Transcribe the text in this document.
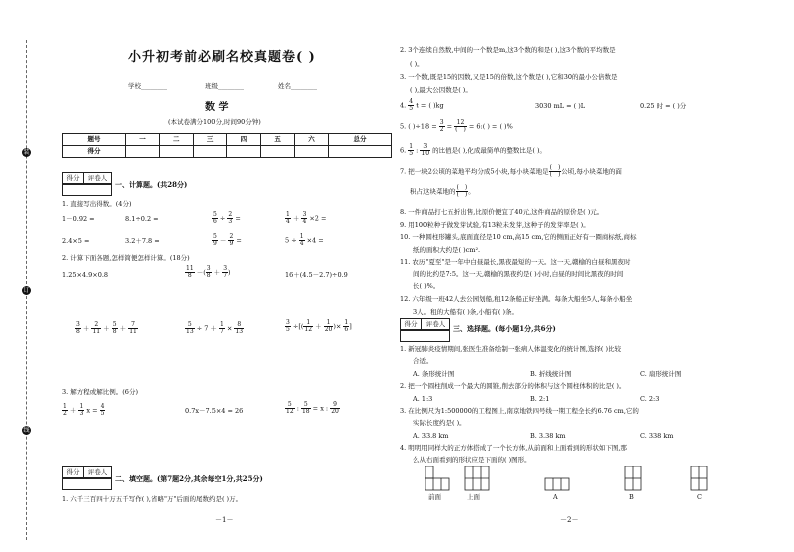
装
订
线
小升初考前必刷名校真题卷( )
学校________	班级________	姓名________
数 学
(本试卷满分100分,时间90分钟)
题号	一	二	三	四	五	六	总分
得分							
得分	评卷人
一、计算题。(共28分)
1. 直接写出得数。(4分)
1－0.92 =	8.1÷0.2 =	$\frac{5}{6} \div \frac{2}{3}$ =	$\frac{1}{4} + \frac{3}{4} \times 2$ =
2.4×5 =	3.2＋7.8 =	$\frac{5}{9} - \frac{2}{9}$ =	$5 \div \frac{1}{4} \times 4$ =
2. 计算下面各题,怎样简便怎样计算。(18分)
1.25×4.9×0.8	$\frac{11}{8}$ －( $\frac{3}{8} + \frac{3}{7}$ )	16＋(4.5－2.7)÷0.9
$\frac{3}{8} + \frac{2}{11} + \frac{5}{8} + \frac{7}{11}$	$\frac{5}{13} \div 7 + \frac{1}{7} \times \frac{8}{13}$	$\frac{3}{5}$ ÷[( $\frac{1}{12} + \frac{1}{20}$ )× $\frac{1}{6}$ ]
3. 解方程或解比例。(6分)
$\frac{1}{2} + \frac{1}{3}$ $x = \frac{4}{5}$	0.7x－7.5×4 = 26	$\frac{5}{12}$ : $\frac{5}{18} = x$ : $\frac{9}{20}$
得分	评卷人
二、填空题。(第7题2分,其余每空1分,共25分)
1. 六千三百四十万五千写作( ),省略"万"后面的尾数约是( )万。
－1－
2. 3个连续自然数,中间的一个数是m,这3个数的和是( ),这3个数的平均数是
( )。
3. 一个数,既是15的因数,又是15的倍数,这个数是( ),它和30的最小公倍数是
( ),最大公因数是( )。
4. $\frac{4}{5}$ t = ( )kg	3030 mL = ( )L	0.25 时 = ( )分
5. ( )$\div 18 = \frac{3}{2} = \frac{12}{( )}$ = 6:( ) = ( )%
6. $\frac{1}{5}$ : $\frac{3}{10}$ 的比值是( ),化成最简单的整数比是( )。
7. 把一块2公顷的菜地平均分成5小块,每小块菜地是 $\frac{( )}{( )}$ 公顷,每小块菜地的面
积占这块菜地的 $\frac{( )}{( )}$ 。
8. 一件商品打七五折出售,比原价便宜了40元,这件商品的原价是( )元。
9. 用100粒种子做发芽试验,有13粒未发芽,这种子的发芽率是( )。
10. 一种圆柱形罐头,底面直径是10 cm,高15 cm,它的侧面正好有一圈商标纸,商标
纸的面积大约是( )cm².
11. 农历"夏至"是一年中白昼最长,黑夜最短的一天。这一天,赣榆的白昼和黑夜时
间的比约是7:5。这一天,赣榆的黑夜约是( )小时,白昼的时间比黑夜的时间
长( )%。
12. 六年级一班42人去公园划船,租12条船正好坐满。每条大船坐5人,每条小船坐
3人。租的大船有( )条,小船有( )条。
得分	评卷人	三、选择题。(每小题1分,共6分)
1. 新冠肺炎疫情期间,张医生准备绘制一张病人体温变化的统计图,选择( )比较
合适。
A. 条形统计图	B. 折线统计图	C. 扇形统计图
2. 把一个圆柱削成一个最大的圆锥,削去部分的体积与这个圆柱体积的比是( )。
A. 1:3	B. 2:1	C. 2:3
3. 在比例尺为1:500000的工程图上,南京地铁四号线一期工程全长约6.76 cm,它的
实际长度约是( )。
A. 33.8 km	B. 3.38 km	C. 338 km
4. 明明用同样大的正方体搭成了一个长方体,从前面和上面看到的形状如下图,那
么从右面看到的形状应是下面的( )图形。
前面	上面	A	B	C
－2－
